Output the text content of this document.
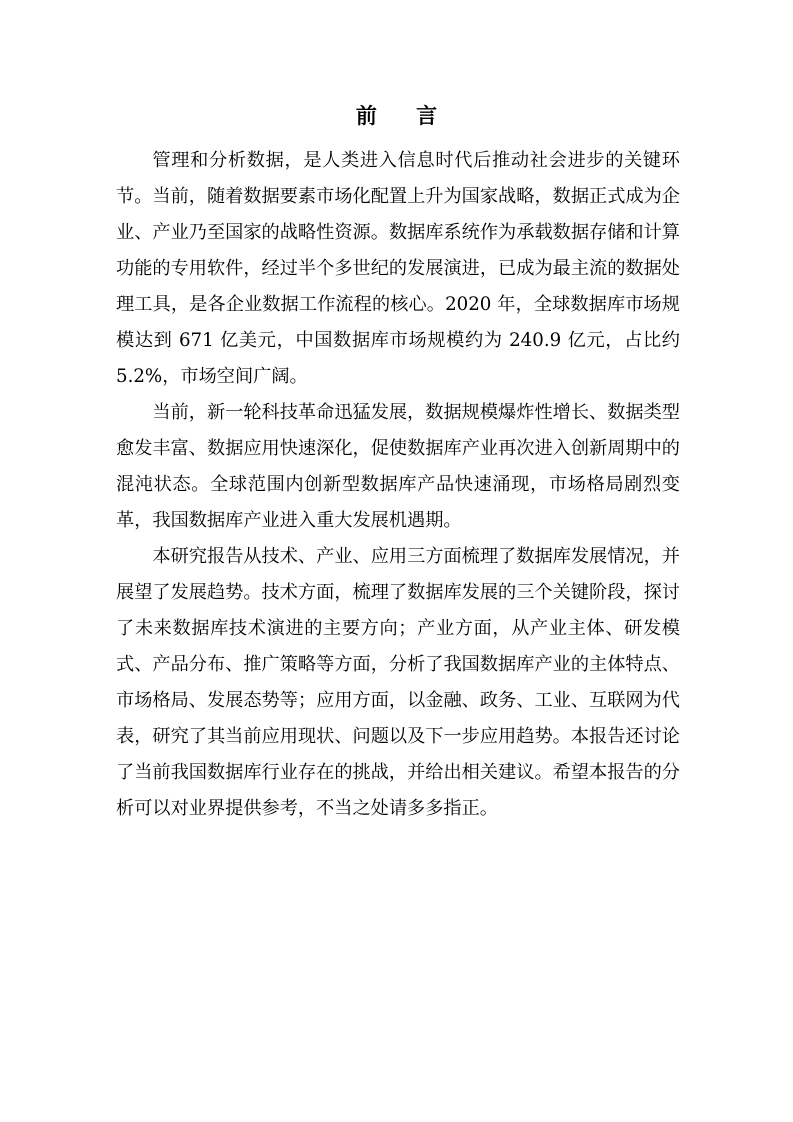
前 言

管理和分析数据，是人类进入信息时代后推动社会进步的关键环节。当前，随着数据要素市场化配置上升为国家战略，数据正式成为企业、产业乃至国家的战略性资源。数据库系统作为承载数据存储和计算功能的专用软件，经过半个多世纪的发展演进，已成为最主流的数据处理工具，是各企业数据工作流程的核心。2020 年，全球数据库市场规模达到 671 亿美元，中国数据库市场规模约为 240.9 亿元，占比约 5.2%，市场空间广阔。

当前，新一轮科技革命迅猛发展，数据规模爆炸性增长、数据类型愈发丰富、数据应用快速深化，促使数据库产业再次进入创新周期中的混沌状态。全球范围内创新型数据库产品快速涌现，市场格局剧烈变革，我国数据库产业进入重大发展机遇期。

本研究报告从技术、产业、应用三方面梳理了数据库发展情况，并展望了发展趋势。技术方面，梳理了数据库发展的三个关键阶段，探讨了未来数据库技术演进的主要方向；产业方面，从产业主体、研发模式、产品分布、推广策略等方面，分析了我国数据库产业的主体特点、市场格局、发展态势等；应用方面，以金融、政务、工业、互联网为代表，研究了其当前应用现状、问题以及下一步应用趋势。本报告还讨论了当前我国数据库行业存在的挑战，并给出相关建议。希望本报告的分析可以对业界提供参考，不当之处请多多指正。
